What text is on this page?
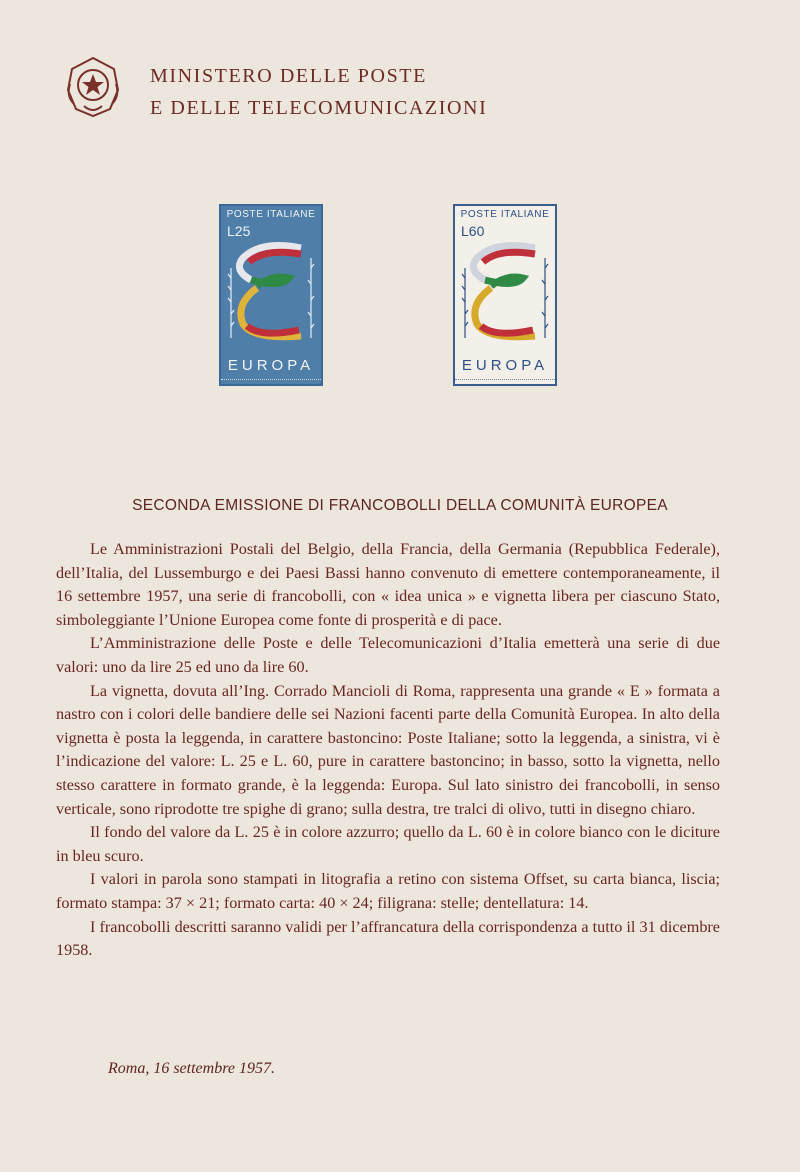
MINISTERO DELLE POSTE
E DELLE TELECOMUNICAZIONI
POSTE ITALIANE
L25
EUROPA
POSTE ITALIANE
L60
EUROPA
SECONDA EMISSIONE DI FRANCOBOLLI DELLA COMUNITÀ EUROPEA

Le Amministrazioni Postali del Belgio, della Francia, della Germania (Repubblica Federale), dell’Italia, del Lussemburgo e dei Paesi Bassi hanno convenuto di emettere contemporaneamente, il 16 settembre 1957, una serie di francobolli, con « idea unica » e vignetta libera per ciascuno Stato, simboleggiante l’Unione Europea come fonte di prosperità e di pace.

L’Amministrazione delle Poste e delle Telecomunicazioni d’Italia emetterà una serie di due valori: uno da lire 25 ed uno da lire 60.

La vignetta, dovuta all’Ing. Corrado Mancioli di Roma, rappresenta una grande « E » formata a nastro con i colori delle bandiere delle sei Nazioni facenti parte della Comunità Europea. In alto della vignetta è posta la leggenda, in carattere bastoncino: Poste Italiane; sotto la leggenda, a sinistra, vi è l’indicazione del valore: L. 25 e L. 60, pure in carattere bastoncino; in basso, sotto la vignetta, nello stesso carattere in formato grande, è la leggenda: Europa. Sul lato sinistro dei francobolli, in senso verticale, sono riprodotte tre spighe di grano; sulla destra, tre tralci di olivo, tutti in disegno chiaro.

Il fondo del valore da L. 25 è in colore azzurro; quello da L. 60 è in colore bianco con le diciture in bleu scuro.

I valori in parola sono stampati in litografia a retino con sistema Offset, su carta bianca, liscia; formato stampa: 37 × 21; formato carta: 40 × 24; filigrana: stelle; dentellatura: 14.

I francobolli descritti saranno validi per l’affrancatura della corrispondenza a tutto il 31 dicembre 1958.

Roma, 16 settembre 1957.
